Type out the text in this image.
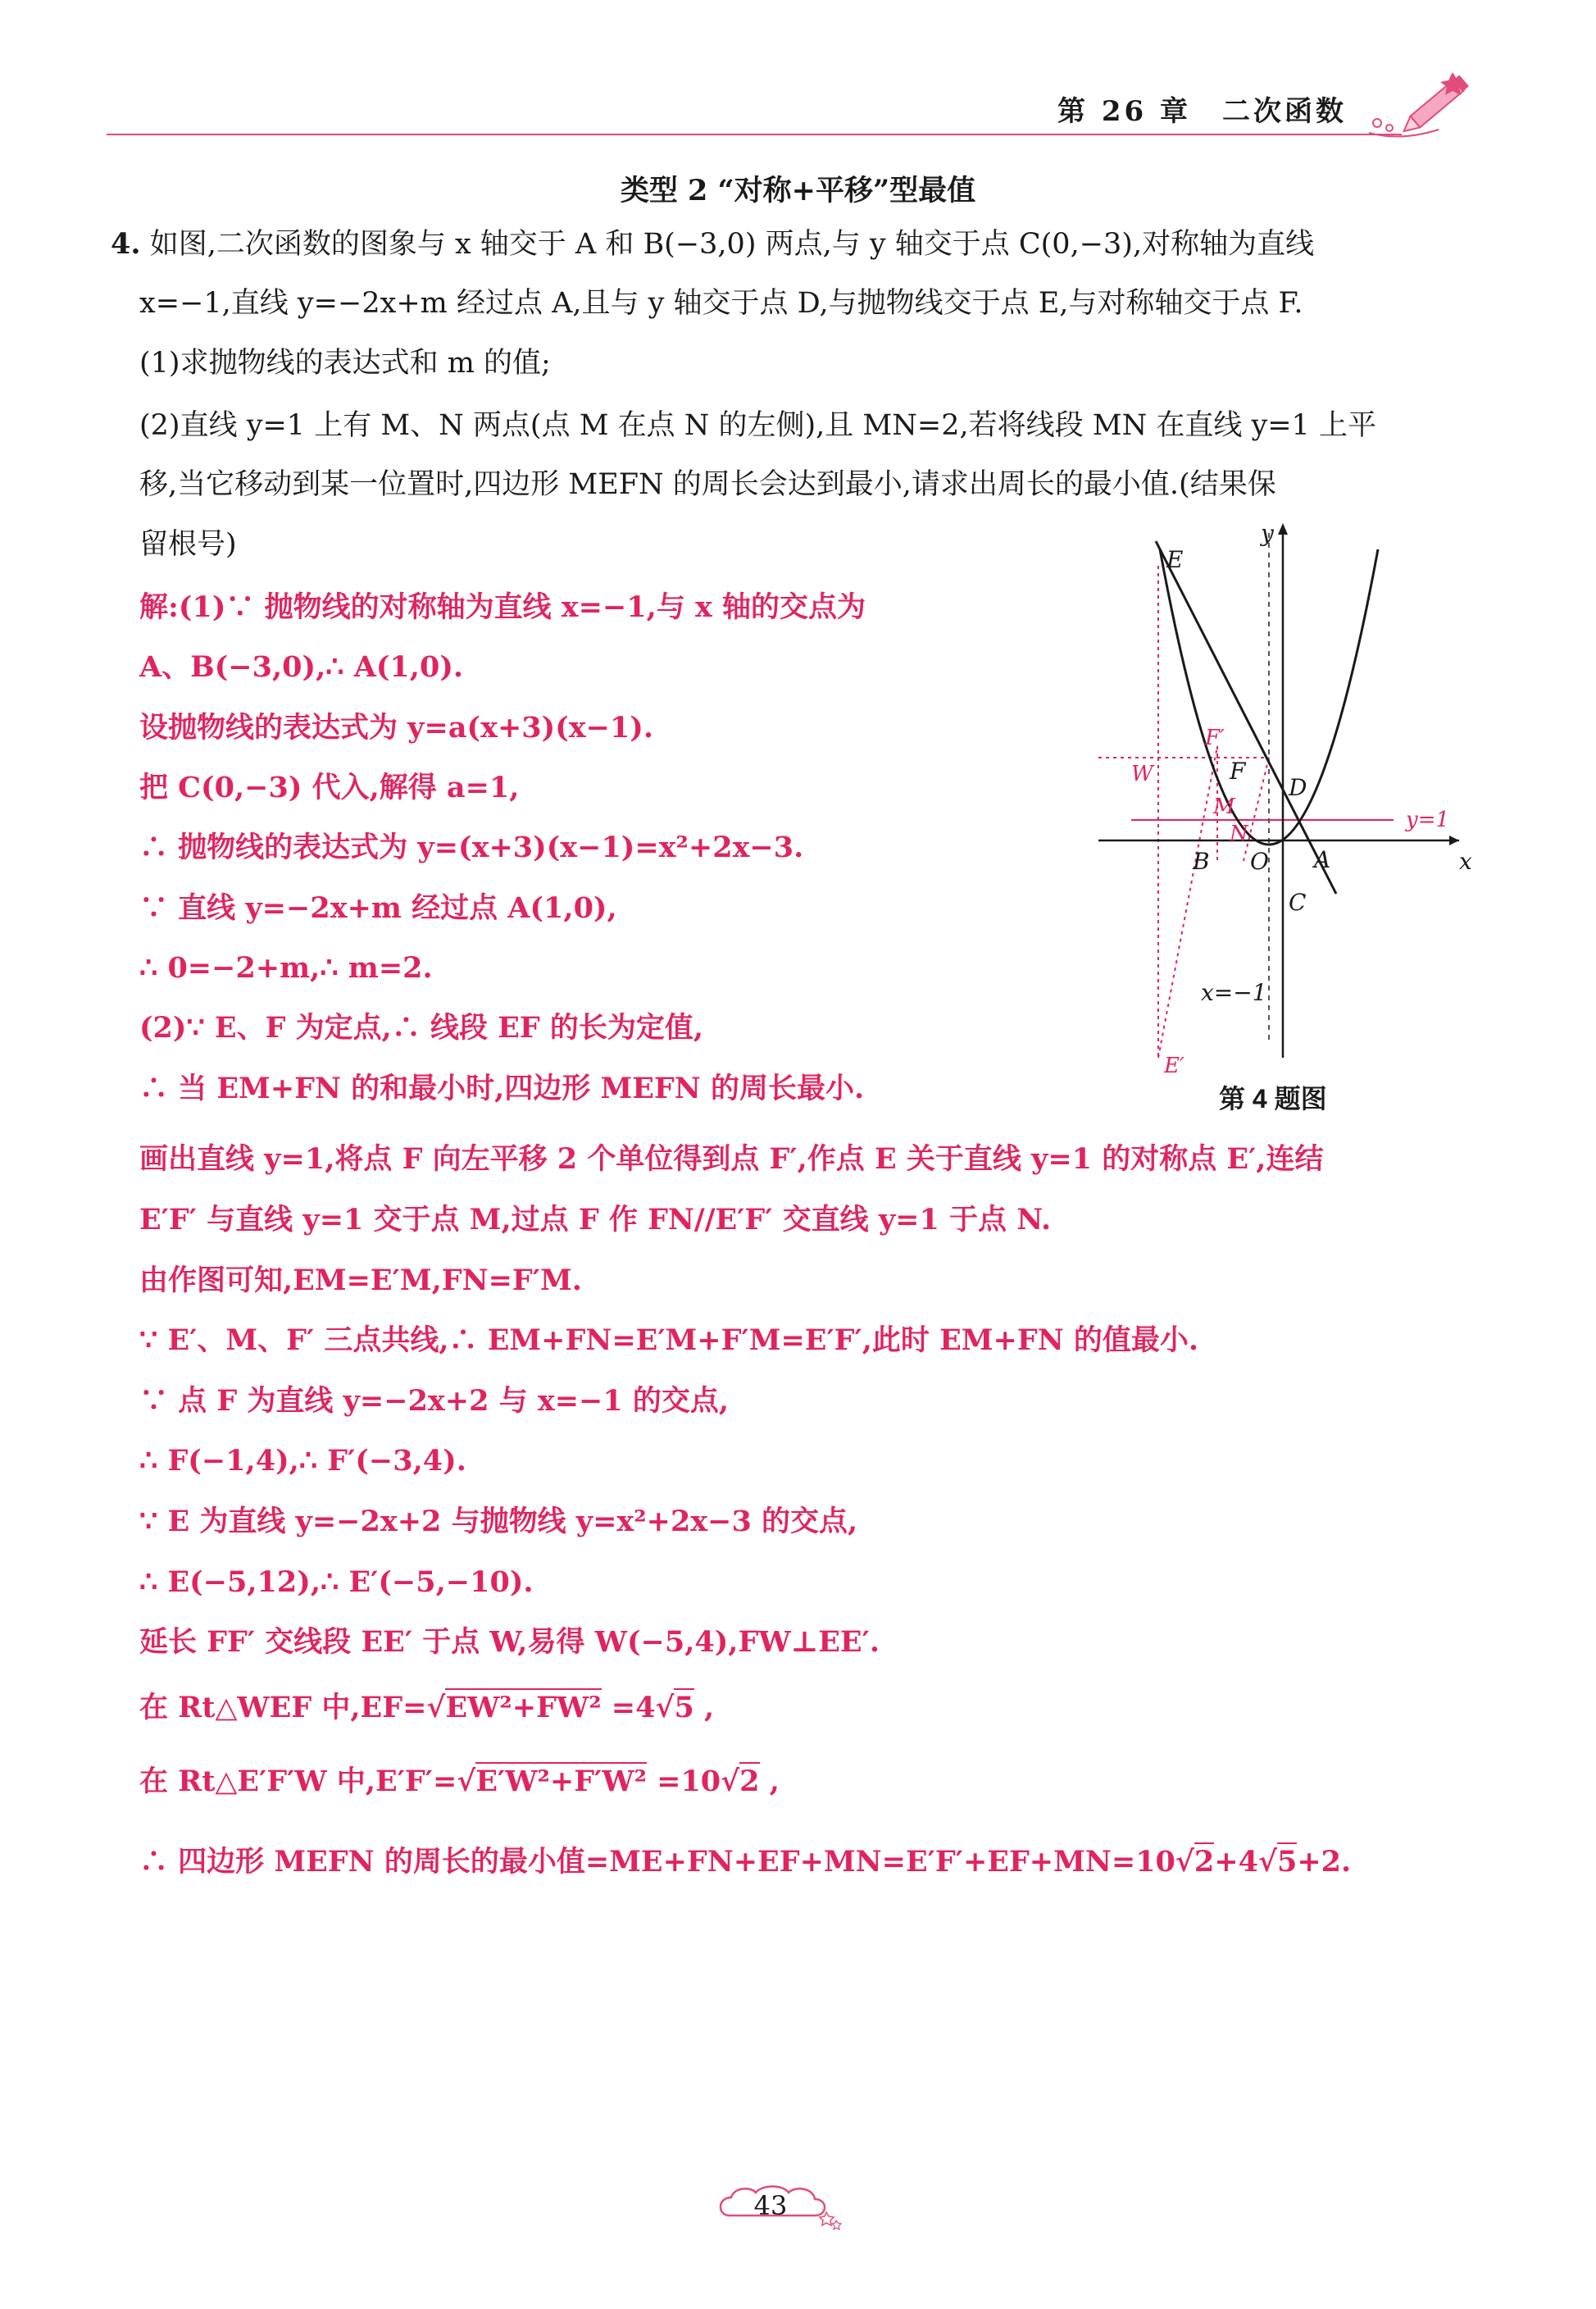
第 26 章　二次函数
类型 2 “对称+平移”型最值
4. 如图,二次函数的图象与 x 轴交于 A 和 B(−3,0) 两点,与 y 轴交于点 C(0,−3),对称轴为直线
x=−1,直线 y=−2x+m 经过点 A,且与 y 轴交于点 D,与抛物线交于点 E,与对称轴交于点 F.
(1)求抛物线的表达式和 m 的值;
(2)直线 y=1 上有 M、N 两点(点 M 在点 N 的左侧),且 MN=2,若将线段 MN 在直线 y=1 上平
移,当它移动到某一位置时,四边形 MEFN 的周长会达到最小,请求出周长的最小值.(结果保
留根号)
解:(1)∵ 抛物线的对称轴为直线 x=−1,与 x 轴的交点为
A、B(−3,0),∴ A(1,0).
设抛物线的表达式为 y=a(x+3)(x−1).
把 C(0,−3) 代入,解得 a=1,
∴ 抛物线的表达式为 y=(x+3)(x−1)=x²+2x−3.
∵ 直线 y=−2x+m 经过点 A(1,0),
∴ 0=−2+m,∴ m=2.
(2)∵ E、F 为定点,∴ 线段 EF 的长为定值,
∴ 当 EM+FN 的和最小时,四边形 MEFN 的周长最小.
画出直线 y=1,将点 F 向左平移 2 个单位得到点 F′,作点 E 关于直线 y=1 的对称点 E′,连结
E′F′ 与直线 y=1 交于点 M,过点 F 作 FN//E′F′ 交直线 y=1 于点 N.
由作图可知,EM=E′M,FN=F′M.
∵ E′、M、F′ 三点共线,∴ EM+FN=E′M+F′M=E′F′,此时 EM+FN 的值最小.
∵ 点 F 为直线 y=−2x+2 与 x=−1 的交点,
∴ F(−1,4),∴ F′(−3,4).
∵ E 为直线 y=−2x+2 与抛物线 y=x²+2x−3 的交点,
∴ E(−5,12),∴ E′(−5,−10).
延长 FF′ 交线段 EE′ 于点 W,易得 W(−5,4),FW⊥EE′.
在 Rt△WEF 中,EF=√EW²+FW² =4√5 ,
在 Rt△E′F′W 中,E′F′=√E′W²+F′W² =10√2 ,
∴ 四边形 MEFN 的周长的最小值=ME+FN+EF+MN=E′F′+EF+MN=10√2+4√5+2.
y
x
E
F
D
B O A
C
x=−1
F′
W
M
N
y=1
E′
第 4 题图
43
